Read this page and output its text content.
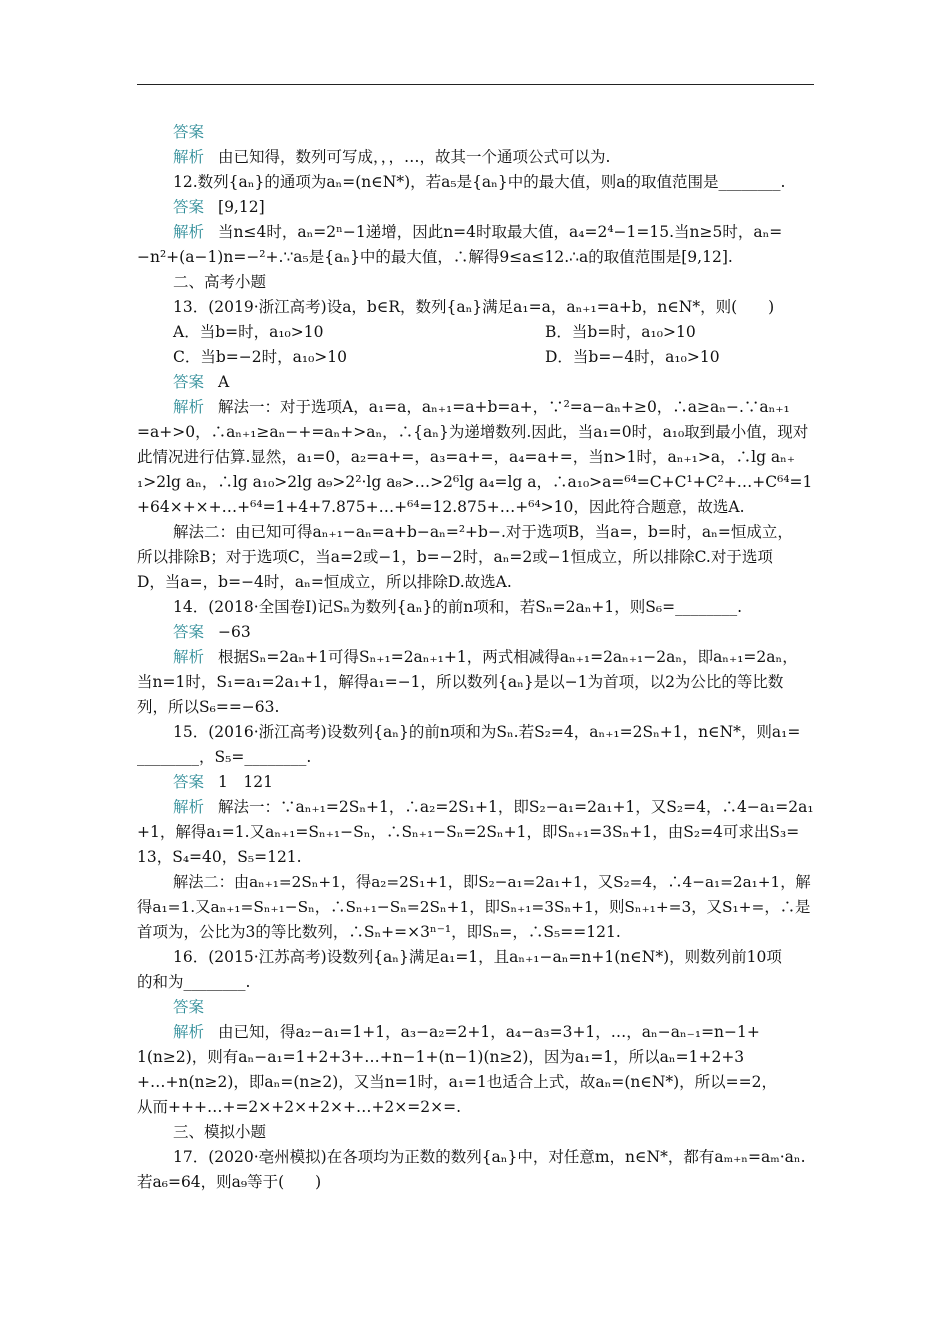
答案
解析 由已知得，数列可写成，，，…，故其一个通项公式可以为.
12.数列{aₙ}的通项为aₙ=(n∈N*)，若a₅是{aₙ}中的最大值，则a的取值范围是________.
答案 [9,12]
解析 当n≤4时，aₙ=2ⁿ−1递增，因此n=4时取最大值，a₄=2⁴−1=15.当n≥5时，aₙ=
−n²+(a−1)n=−²+.∵a₅是{aₙ}中的最大值，∴解得9≤a≤12.∴a的取值范围是[9,12].
二、高考小题
13．(2019·浙江高考)设a，b∈R，数列{aₙ}满足a₁=a，aₙ₊₁=a+b，n∈N*，则(　　)
A．当b=时，a₁₀>10	B．当b=时，a₁₀>10
C．当b=−2时，a₁₀>10	D．当b=−4时，a₁₀>10
答案 A
解析 解法一：对于选项A，a₁=a，aₙ₊₁=a+b=a+，∵²=a−aₙ+≥0，∴a≥aₙ−.∵aₙ₊₁
=a+>0，∴aₙ₊₁≥aₙ−+=aₙ+>aₙ，∴{aₙ}为递增数列.因此，当a₁=0时，a₁₀取到最小值，现对
此情况进行估算.显然，a₁=0，a₂=a+=，a₃=a+=，a₄=a+=，当n>1时，aₙ₊₁>a，∴lg aₙ₊
₁>2lg aₙ，∴lg a₁₀>2lg a₉>2²·lg a₈>…>2⁶lg a₄=lg a，∴a₁₀>a=⁶⁴=C+C¹+C²+…+C⁶⁴=1
+64×+×+…+⁶⁴=1+4+7.875+…+⁶⁴=12.875+…+⁶⁴>10，因此符合题意，故选A.
解法二：由已知可得aₙ₊₁−aₙ=a+b−aₙ=²+b−.对于选项B，当a=，b=时，aₙ=恒成立，
所以排除B；对于选项C，当a=2或−1，b=−2时，aₙ=2或−1恒成立，所以排除C.对于选项
D，当a=，b=−4时，aₙ=恒成立，所以排除D.故选A.
14．(2018·全国卷Ⅰ)记Sₙ为数列{aₙ}的前n项和，若Sₙ=2aₙ+1，则S₆=________.
答案 −63
解析 根据Sₙ=2aₙ+1可得Sₙ₊₁=2aₙ₊₁+1，两式相减得aₙ₊₁=2aₙ₊₁−2aₙ，即aₙ₊₁=2aₙ，
当n=1时，S₁=a₁=2a₁+1，解得a₁=−1，所以数列{aₙ}是以−1为首项，以2为公比的等比数
列，所以S₆==−63.
15．(2016·浙江高考)设数列{aₙ}的前n项和为Sₙ.若S₂=4，aₙ₊₁=2Sₙ+1，n∈N*，则a₁=
________，S₅=________.
答案 1　121
解析 解法一：∵aₙ₊₁=2Sₙ+1，∴a₂=2S₁+1，即S₂−a₁=2a₁+1，又S₂=4，∴4−a₁=2a₁
+1，解得a₁=1.又aₙ₊₁=Sₙ₊₁−Sₙ，∴Sₙ₊₁−Sₙ=2Sₙ+1，即Sₙ₊₁=3Sₙ+1，由S₂=4可求出S₃=
13，S₄=40，S₅=121.
解法二：由aₙ₊₁=2Sₙ+1，得a₂=2S₁+1，即S₂−a₁=2a₁+1，又S₂=4，∴4−a₁=2a₁+1，解
得a₁=1.又aₙ₊₁=Sₙ₊₁−Sₙ，∴Sₙ₊₁−Sₙ=2Sₙ+1，即Sₙ₊₁=3Sₙ+1，则Sₙ₊₁+=3，又S₁+=，∴是
首项为，公比为3的等比数列，∴Sₙ+=×3ⁿ⁻¹，即Sₙ=，∴S₅==121.
16．(2015·江苏高考)设数列{aₙ}满足a₁=1，且aₙ₊₁−aₙ=n+1(n∈N*)，则数列前10项
的和为________.
答案
解析 由已知，得a₂−a₁=1+1，a₃−a₂=2+1，a₄−a₃=3+1，…，aₙ−aₙ₋₁=n−1+
1(n≥2)，则有aₙ−a₁=1+2+3+…+n−1+(n−1)(n≥2)，因为a₁=1，所以aₙ=1+2+3
+…+n(n≥2)，即aₙ=(n≥2)，又当n=1时，a₁=1也适合上式，故aₙ=(n∈N*)，所以==2，
从而+++…+=2×+2×+2×+…+2×=2×=.
三、模拟小题
17．(2020·亳州模拟)在各项均为正数的数列{aₙ}中，对任意m，n∈N*，都有aₘ₊ₙ=aₘ·aₙ.
若a₆=64，则a₉等于(　　)
